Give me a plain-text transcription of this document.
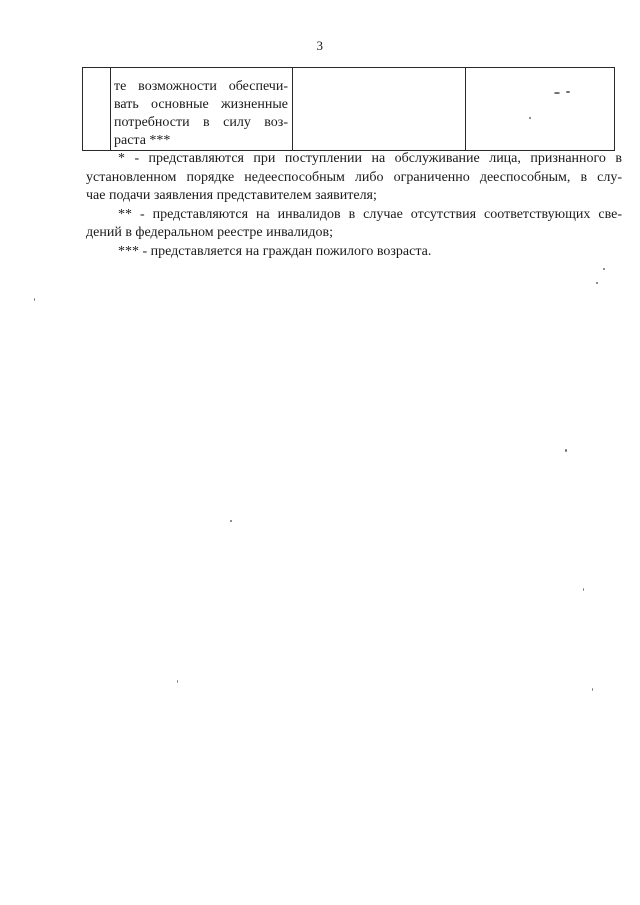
3

те возможности обеспечи-
вать основные жизненные
потребности в силу воз-
раста ***

* - представляются при поступлении на обслуживание лица, признанного в
установленном порядке недееспособным либо ограниченно дееспособным, в слу-
чае подачи заявления представителем заявителя;

** - представляются на инвалидов в случае отсутствия соответствующих све-
дений в федеральном реестре инвалидов;

*** - представляется на граждан пожилого возраста.
